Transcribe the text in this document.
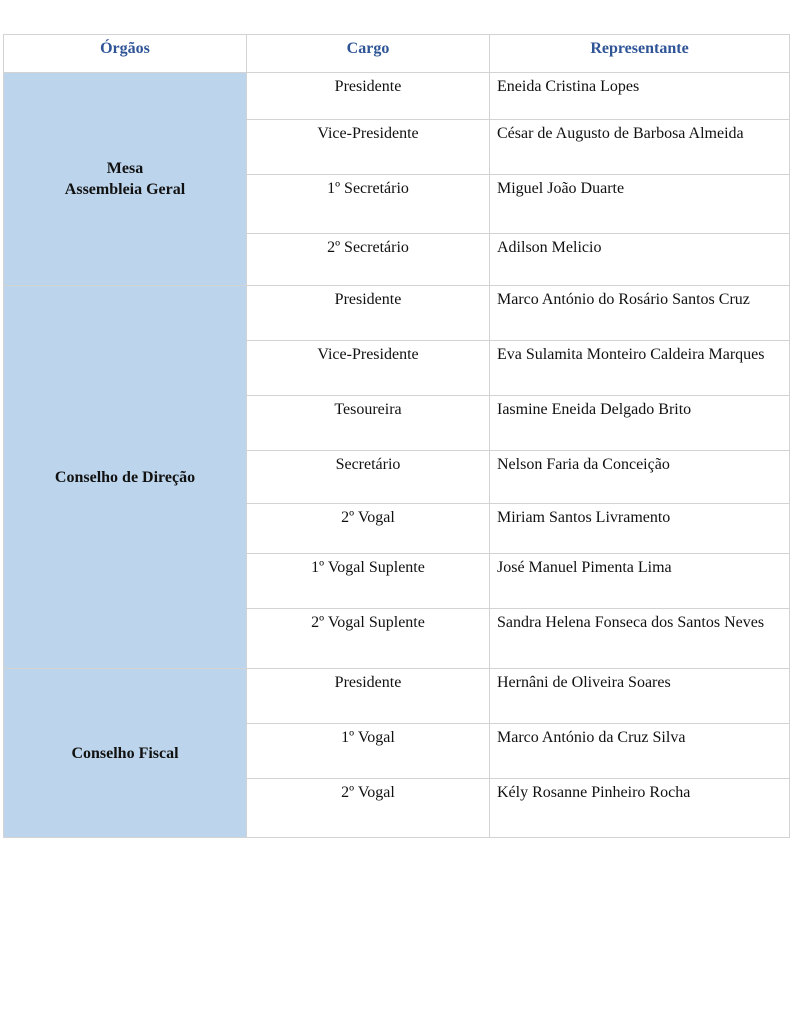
Órgãos	Cargo	Representante

Mesa
Assembleia Geral	Presidente	Eneida Cristina Lopes
	Vice-Presidente	César de Augusto de Barbosa Almeida
	1º Secretário	Miguel João Duarte
	2º Secretário	Adilson Melicio

Conselho de Direção	Presidente	Marco António do Rosário Santos Cruz
	Vice-Presidente	Eva Sulamita Monteiro Caldeira Marques
	Tesoureira	Iasmine Eneida Delgado Brito
	Secretário	Nelson Faria da Conceição
	2º Vogal	Miriam Santos Livramento
	1º Vogal Suplente	José Manuel Pimenta Lima
	2º Vogal Suplente	Sandra Helena Fonseca dos Santos Neves

Conselho Fiscal	Presidente	Hernâni de Oliveira Soares
	1º Vogal	Marco António da Cruz Silva
	2º Vogal	Kély Rosanne Pinheiro Rocha
